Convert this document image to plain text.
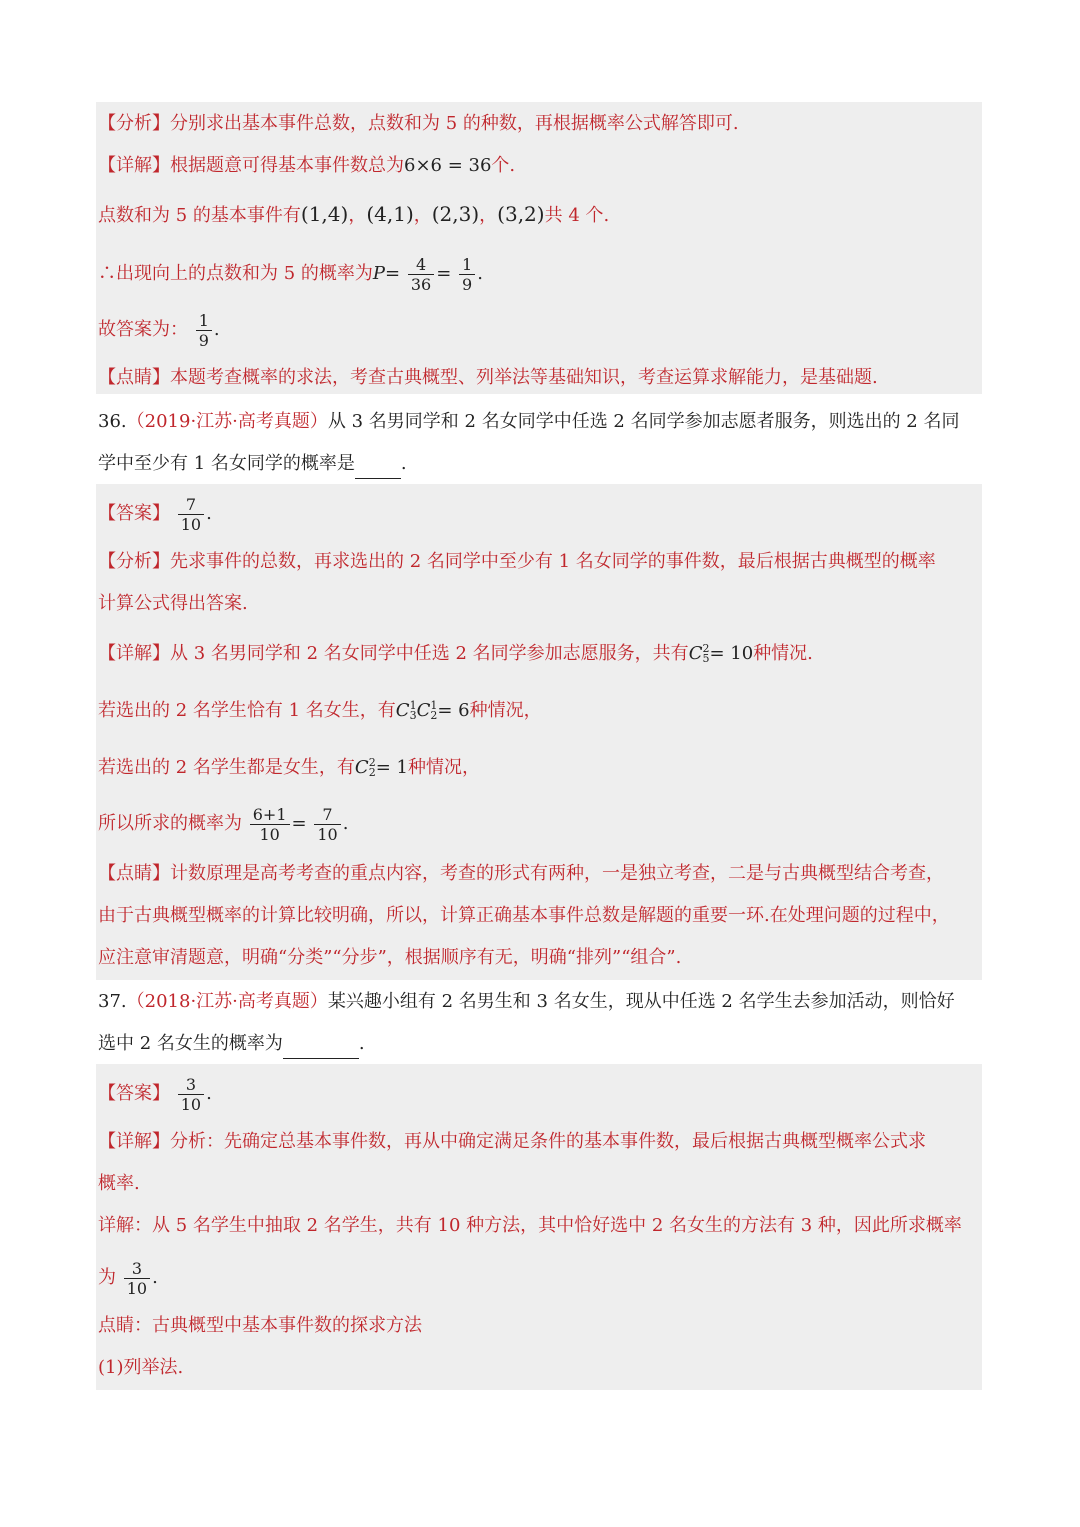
【分析】分别求出基本事件总数，点数和为 5 的种数，再根据概率公式解答即可.
【详解】根据题意可得基本事件数总为6×6 = 36个.
点数和为 5 的基本事件有(1,4)，(4,1)，(2,3)，(3,2)共 4 个.
∴出现向上的点数和为 5 的概率为$P= \frac{4}{36} = \frac{1}{9}$ .
故答案为： $\frac{1}{9}$ .
【点睛】本题考查概率的求法，考查古典概型、列举法等基础知识，考查运算求解能力，是基础题.
36.（2019·江苏·高考真题）从 3 名男同学和 2 名女同学中任选 2 名同学参加志愿者服务，则选出的 2 名同
学中至少有 1 名女同学的概率是	.
【答案】 $\frac{7}{10}$ .
【分析】先求事件的总数，再求选出的 2 名同学中至少有 1 名女同学的事件数，最后根据古典概型的概率
计算公式得出答案.
【详解】从 3 名男同学和 2 名女同学中任选 2 名同学参加志愿服务，共有C 2
5 = 10种情况.
若选出的 2 名学生恰有 1 名女生，有C 1
3 C 1
2 = 6种情况，
若选出的 2 名学生都是女生，有C 2
2 = 1种情况，
所以所求的概率为 $\frac{6+1}{10} = \frac{7}{10}$ .
【点睛】计数原理是高考考查的重点内容，考查的形式有两种，一是独立考查，二是与古典概型结合考查，
由于古典概型概率的计算比较明确，所以，计算正确基本事件总数是解题的重要一环.在处理问题的过程中，
应注意审清题意，明确“分类”“分步”，根据顺序有无，明确“排列”“组合”.
37.（2018·江苏·高考真题）某兴趣小组有 2 名男生和 3 名女生，现从中任选 2 名学生去参加活动，则恰好
选中 2 名女生的概率为	.
【答案】 $\frac{3}{10}$ .
【详解】分析：先确定总基本事件数，再从中确定满足条件的基本事件数，最后根据古典概型概率公式求
概率.
详解：从 5 名学生中抽取 2 名学生，共有 10 种方法，其中恰好选中 2 名女生的方法有 3 种，因此所求概率
为 $\frac{3}{10}$ .
点睛：古典概型中基本事件数的探求方法
(1)列举法.
